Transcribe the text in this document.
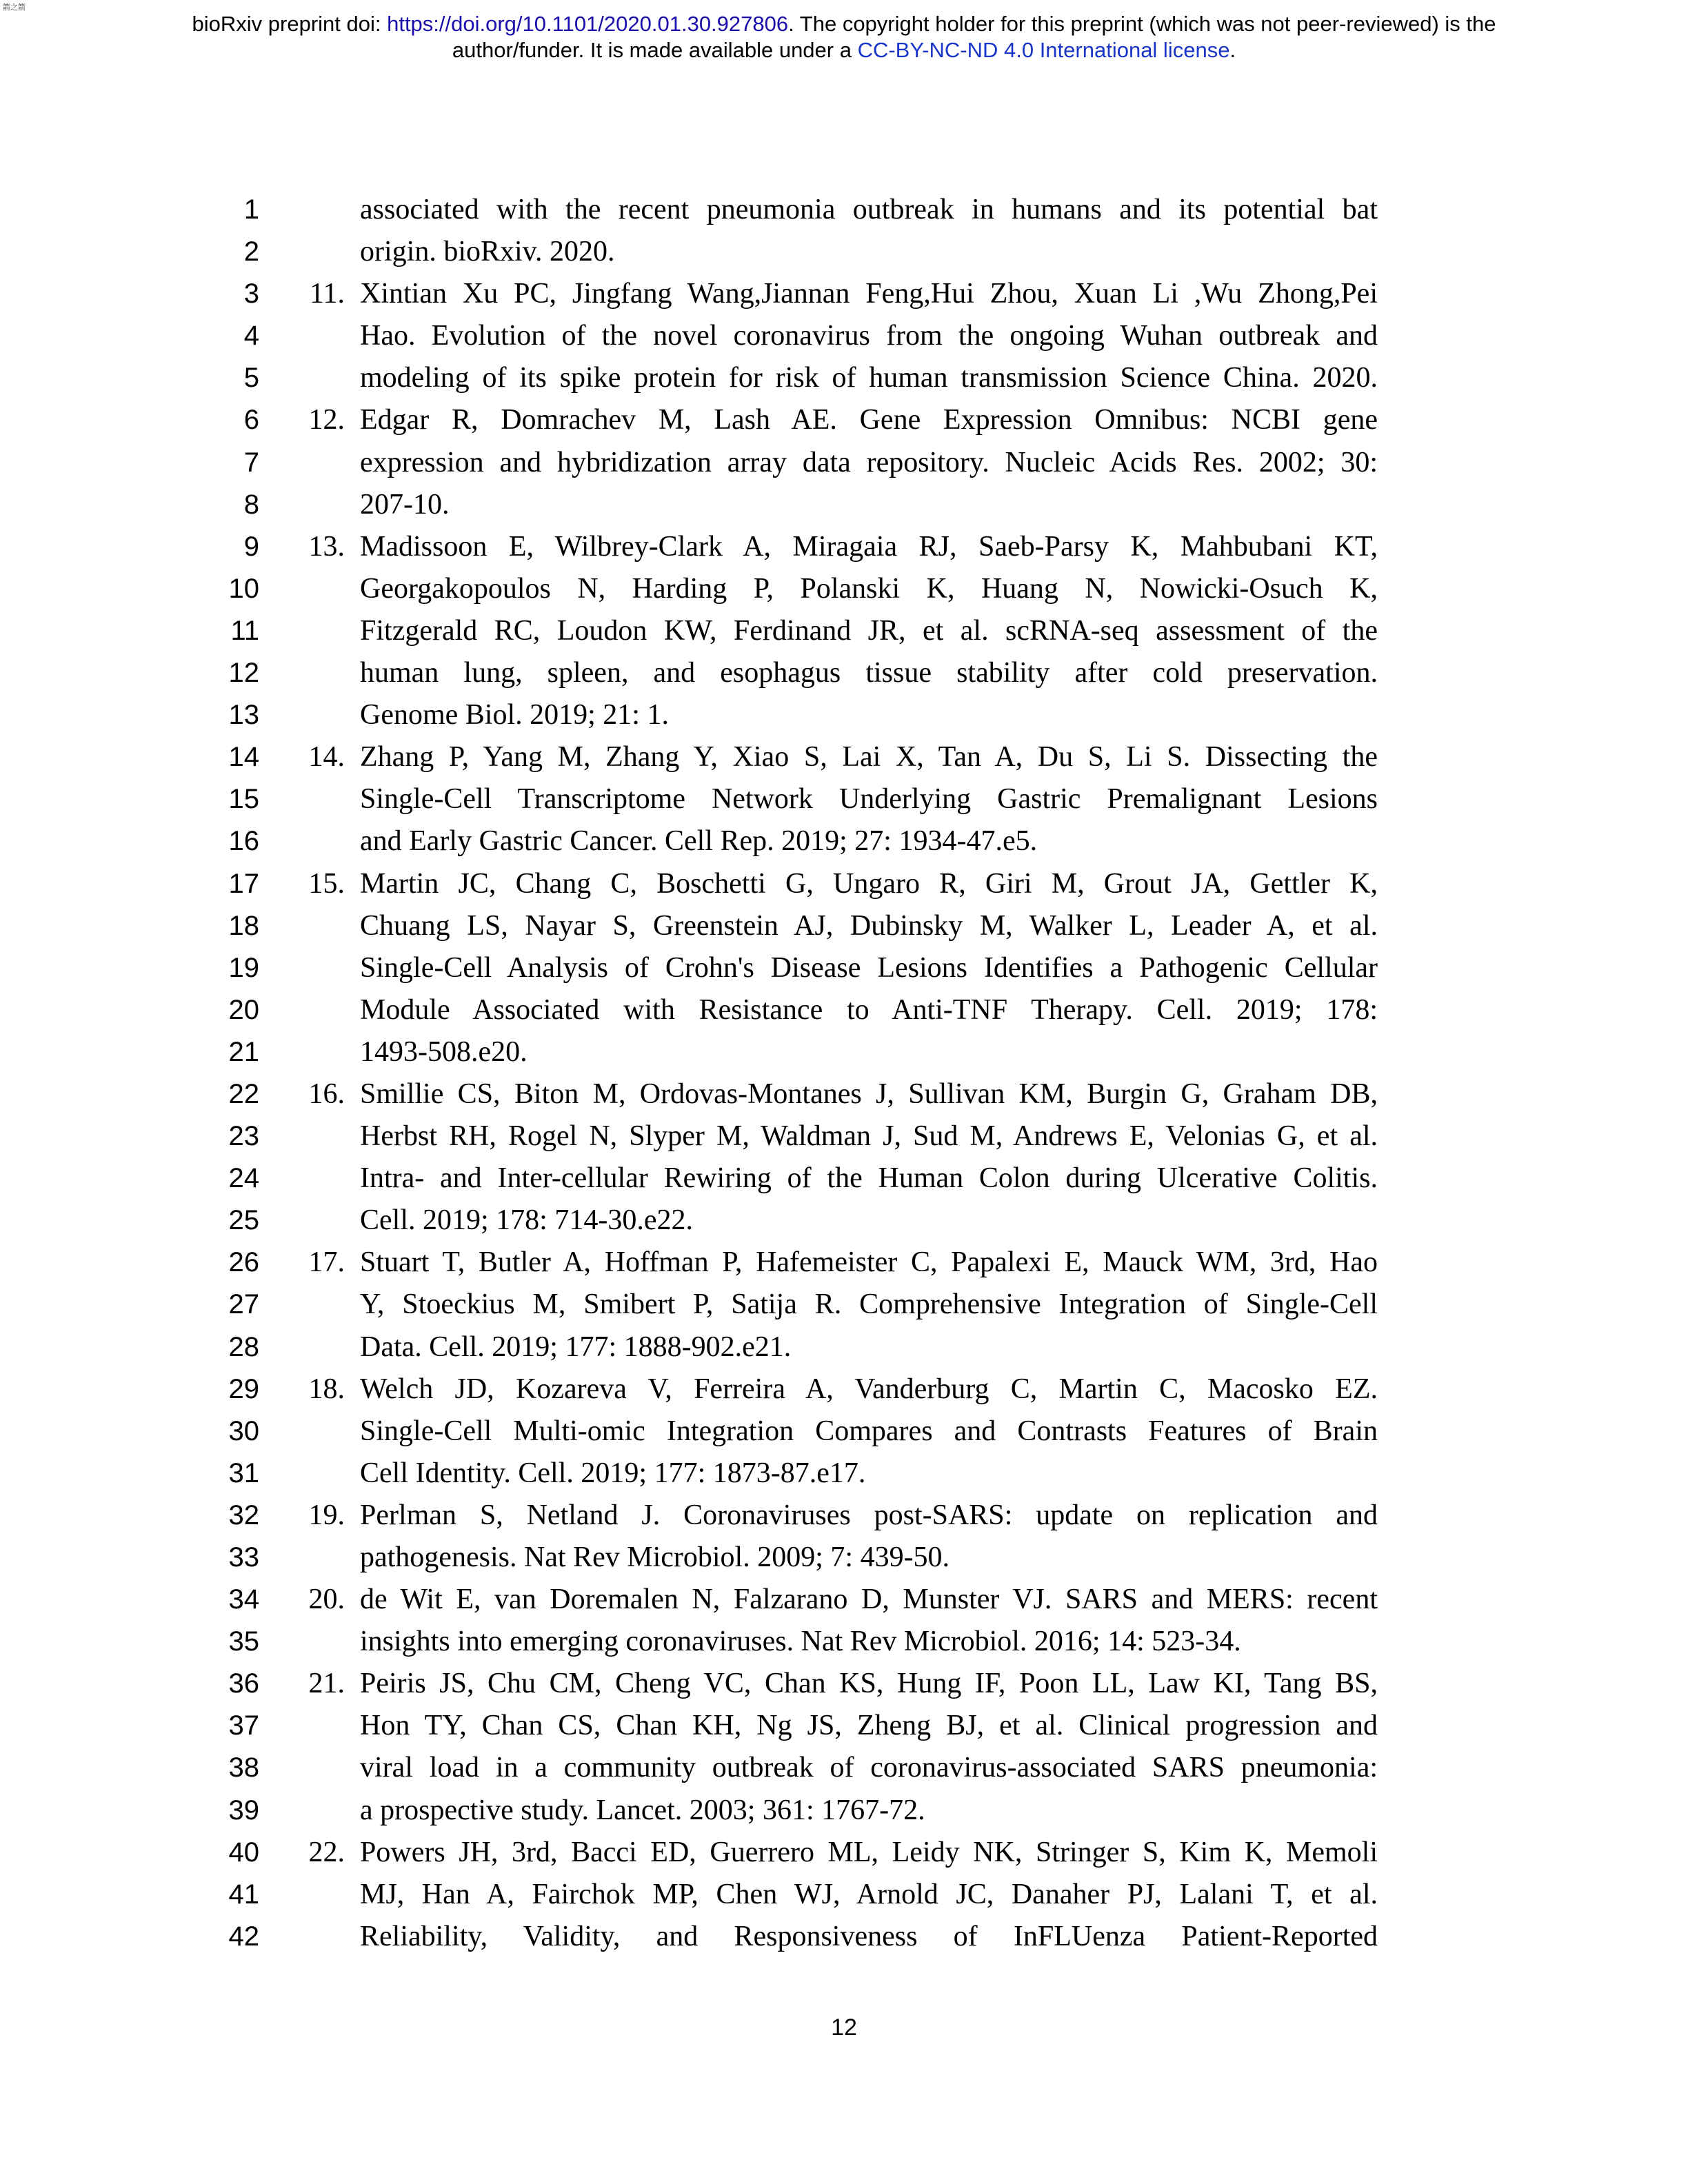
箭之箭
bioRxiv preprint doi: https://doi.org/10.1101/2020.01.30.927806. The copyright holder for this preprint (which was not peer-reviewed) is the
author/funder. It is made available under a CC-BY-NC-ND 4.0 International license.
1	associated with the recent pneumonia outbreak in humans and its potential bat
2	origin. bioRxiv. 2020.
3	11. Xintian Xu PC, Jingfang Wang,Jiannan Feng,Hui Zhou, Xuan Li ,Wu Zhong,Pei
4	Hao. Evolution of the novel coronavirus from the ongoing Wuhan outbreak and
5	modeling of its spike protein for risk of human transmission Science China. 2020.
6	12. Edgar R, Domrachev M, Lash AE. Gene Expression Omnibus: NCBI gene
7	expression and hybridization array data repository. Nucleic Acids Res. 2002; 30:
8	207-10.
9	13. Madissoon E, Wilbrey-Clark A, Miragaia RJ, Saeb-Parsy K, Mahbubani KT,
10	Georgakopoulos N, Harding P, Polanski K, Huang N, Nowicki-Osuch K,
11	Fitzgerald RC, Loudon KW, Ferdinand JR, et al. scRNA-seq assessment of the
12	human lung, spleen, and esophagus tissue stability after cold preservation.
13	Genome Biol. 2019; 21: 1.
14	14. Zhang P, Yang M, Zhang Y, Xiao S, Lai X, Tan A, Du S, Li S. Dissecting the
15	Single-Cell Transcriptome Network Underlying Gastric Premalignant Lesions
16	and Early Gastric Cancer. Cell Rep. 2019; 27: 1934-47.e5.
17	15. Martin JC, Chang C, Boschetti G, Ungaro R, Giri M, Grout JA, Gettler K,
18	Chuang LS, Nayar S, Greenstein AJ, Dubinsky M, Walker L, Leader A, et al.
19	Single-Cell Analysis of Crohn's Disease Lesions Identifies a Pathogenic Cellular
20	Module Associated with Resistance to Anti-TNF Therapy. Cell. 2019; 178:
21	1493-508.e20.
22	16. Smillie CS, Biton M, Ordovas-Montanes J, Sullivan KM, Burgin G, Graham DB,
23	Herbst RH, Rogel N, Slyper M, Waldman J, Sud M, Andrews E, Velonias G, et al.
24	Intra- and Inter-cellular Rewiring of the Human Colon during Ulcerative Colitis.
25	Cell. 2019; 178: 714-30.e22.
26	17. Stuart T, Butler A, Hoffman P, Hafemeister C, Papalexi E, Mauck WM, 3rd, Hao
27	Y, Stoeckius M, Smibert P, Satija R. Comprehensive Integration of Single-Cell
28	Data. Cell. 2019; 177: 1888-902.e21.
29	18. Welch JD, Kozareva V, Ferreira A, Vanderburg C, Martin C, Macosko EZ.
30	Single-Cell Multi-omic Integration Compares and Contrasts Features of Brain
31	Cell Identity. Cell. 2019; 177: 1873-87.e17.
32	19. Perlman S, Netland J. Coronaviruses post-SARS: update on replication and
33	pathogenesis. Nat Rev Microbiol. 2009; 7: 439-50.
34	20. de Wit E, van Doremalen N, Falzarano D, Munster VJ. SARS and MERS: recent
35	insights into emerging coronaviruses. Nat Rev Microbiol. 2016; 14: 523-34.
36	21. Peiris JS, Chu CM, Cheng VC, Chan KS, Hung IF, Poon LL, Law KI, Tang BS,
37	Hon TY, Chan CS, Chan KH, Ng JS, Zheng BJ, et al. Clinical progression and
38	viral load in a community outbreak of coronavirus-associated SARS pneumonia:
39	a prospective study. Lancet. 2003; 361: 1767-72.
40	22. Powers JH, 3rd, Bacci ED, Guerrero ML, Leidy NK, Stringer S, Kim K, Memoli
41	MJ, Han A, Fairchok MP, Chen WJ, Arnold JC, Danaher PJ, Lalani T, et al.
42	Reliability, Validity, and Responsiveness of InFLUenza Patient-Reported
12
